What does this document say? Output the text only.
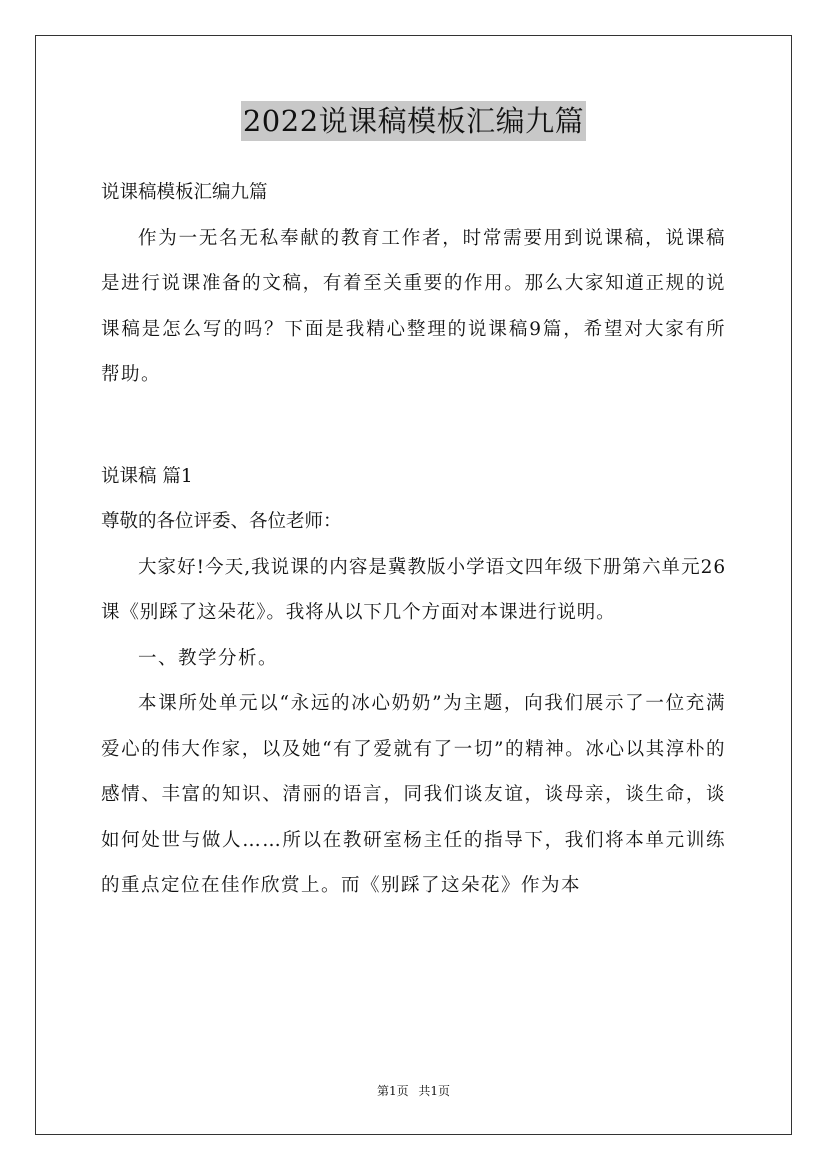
2022说课稿模板汇编九篇

说课稿模板汇编九篇

作为一无名无私奉献的教育工作者，时常需要用到说课稿，说课稿是进行说课准备的文稿，有着至关重要的作用。那么大家知道正规的说课稿是怎么写的吗？下面是我精心整理的说课稿9篇，希望对大家有所帮助。

说课稿 篇1

尊敬的各位评委、各位老师：

大家好!今天,我说课的内容是冀教版小学语文四年级下册第六单元26课《别踩了这朵花》。我将从以下几个方面对本课进行说明。

一、教学分析。

本课所处单元以“永远的冰心奶奶”为主题，向我们展示了一位充满爱心的伟大作家，以及她“有了爱就有了一切”的精神。冰心以其淳朴的感情、丰富的知识、清丽的语言，同我们谈友谊，谈母亲，谈生命，谈如何处世与做人……所以在教研室杨主任的指导下，我们将本单元训练的重点定位在佳作欣赏上。而《别踩了这朵花》作为本

第1页 共1页
